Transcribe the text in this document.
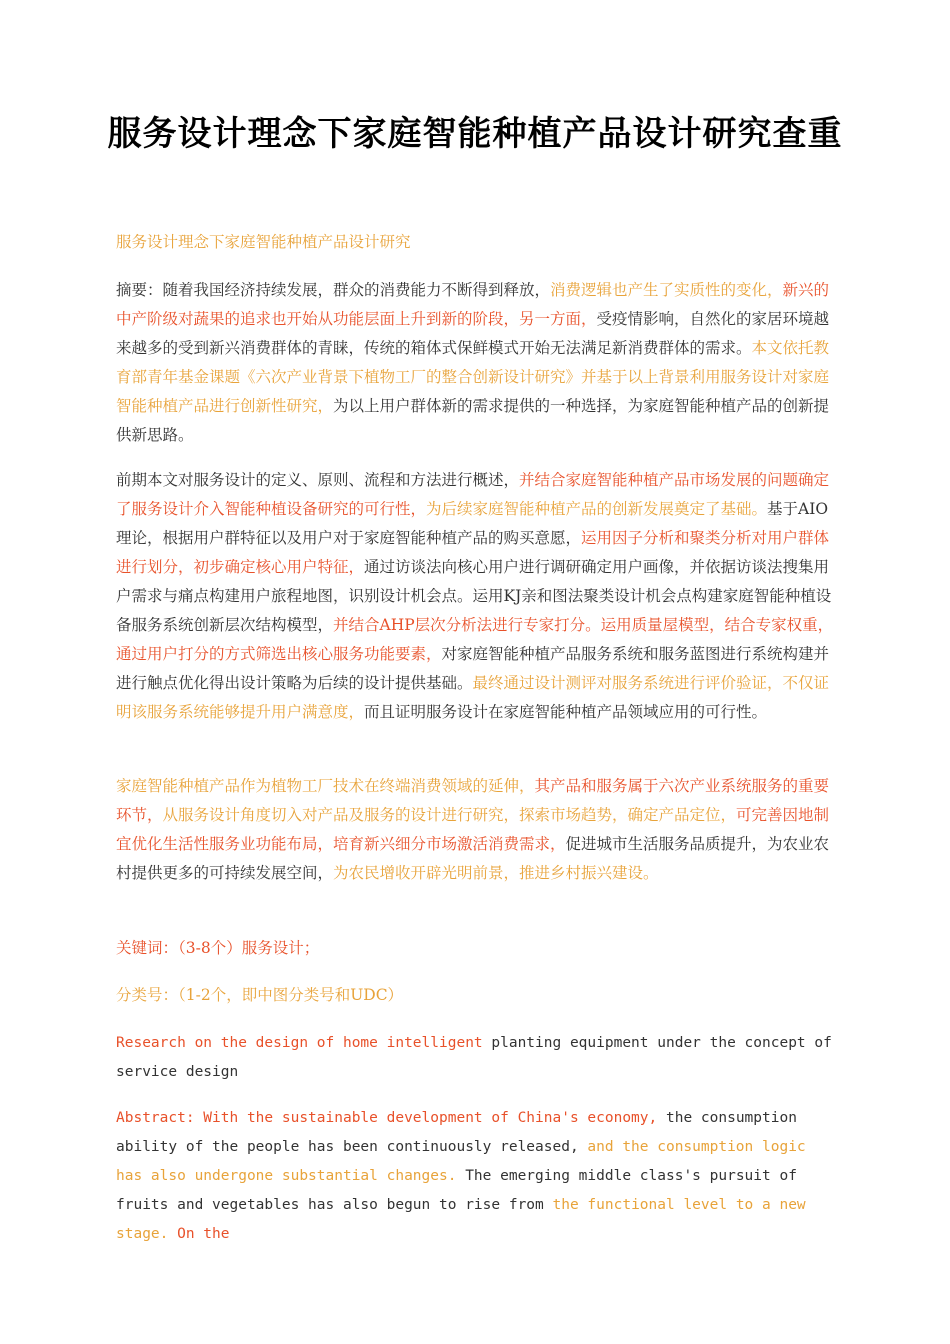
服务设计理念下家庭智能种植产品设计研究查重

服务设计理念下家庭智能种植产品设计研究

摘要：随着我国经济持续发展，群众的消费能力不断得到释放，消费逻辑也产生了实质性的变化，新兴的中产阶级对蔬果的追求也开始从功能层面上升到新的阶段，另一方面，受疫情影响，自然化的家居环境越来越多的受到新兴消费群体的青睐，传统的箱体式保鲜模式开始无法满足新消费群体的需求。本文依托教育部青年基金课题《六次产业背景下植物工厂的整合创新设计研究》并基于以上背景利用服务设计对家庭智能种植产品进行创新性研究，为以上用户群体新的需求提供的一种选择，为家庭智能种植产品的创新提供新思路。

前期本文对服务设计的定义、原则、流程和方法进行概述，并结合家庭智能种植产品市场发展的问题确定了服务设计介入智能种植设备研究的可行性，为后续家庭智能种植产品的创新发展奠定了基础。基于AIO理论，根据用户群特征以及用户对于家庭智能种植产品的购买意愿，运用因子分析和聚类分析对用户群体进行划分，初步确定核心用户特征，通过访谈法向核心用户进行调研确定用户画像，并依据访谈法搜集用户需求与痛点构建用户旅程地图，识别设计机会点。运用KJ亲和图法聚类设计机会点构建家庭智能种植设备服务系统创新层次结构模型，并结合AHP层次分析法进行专家打分。运用质量屋模型，结合专家权重，通过用户打分的方式筛选出核心服务功能要素，对家庭智能种植产品服务系统和服务蓝图进行系统构建并进行触点优化得出设计策略为后续的设计提供基础。最终通过设计测评对服务系统进行评价验证，不仅证明该服务系统能够提升用户满意度，而且证明服务设计在家庭智能种植产品领域应用的可行性。

家庭智能种植产品作为植物工厂技术在终端消费领域的延伸，其产品和服务属于六次产业系统服务的重要环节，从服务设计角度切入对产品及服务的设计进行研究，探索市场趋势，确定产品定位，可完善因地制宜优化生活性服务业功能布局，培育新兴细分市场激活消费需求，促进城市生活服务品质提升，为农业农村提供更多的可持续发展空间，为农民增收开辟光明前景，推进乡村振兴建设。

关键词：（3-8个）服务设计；

分类号：（1-2个，即中图分类号和UDC）

Research on the design of home intelligent planting equipment under the concept of service design

Abstract: With the sustainable development of China's economy, the consumption ability of the people has been continuously released, and the consumption logic has also undergone substantial changes. The emerging middle class's pursuit of fruits and vegetables has also begun to rise from the functional level to a new stage. On the
